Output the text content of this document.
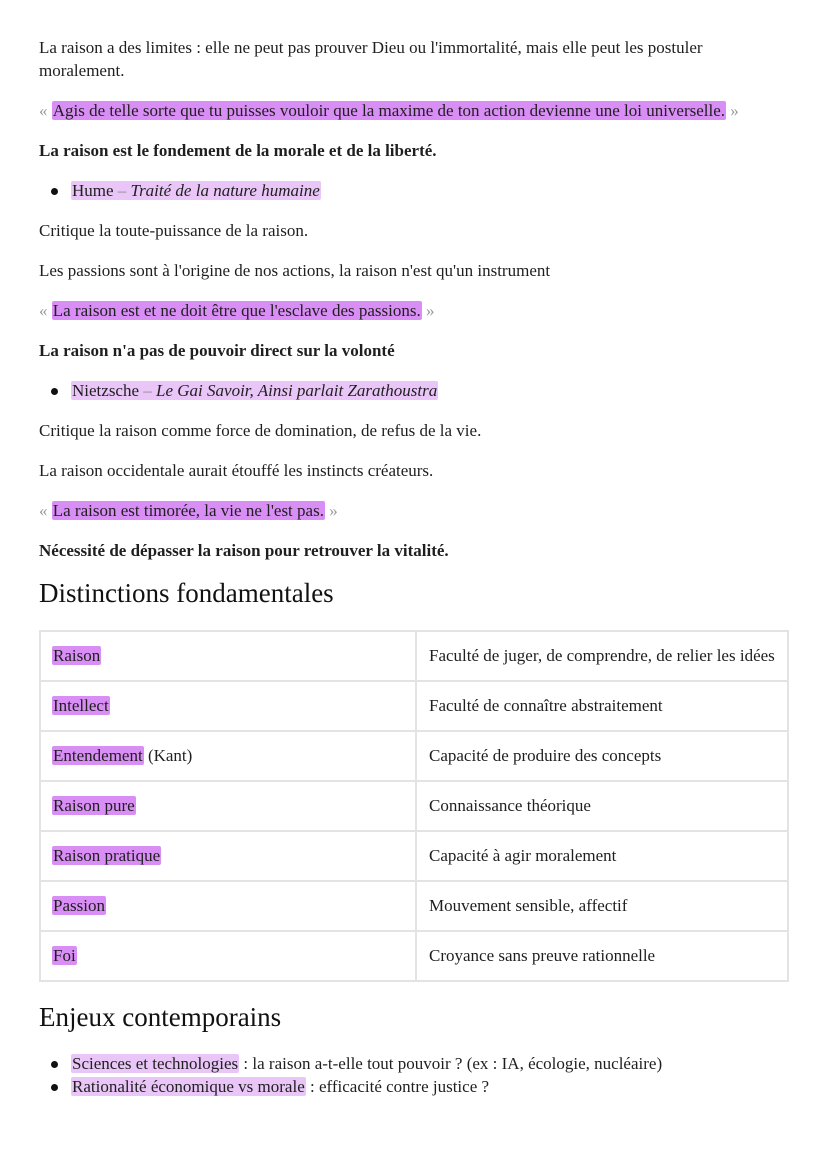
La raison a des limites : elle ne peut pas prouver Dieu ou l'immortalité, mais elle peut les postuler moralement.

« Agis de telle sorte que tu puisses vouloir que la maxime de ton action devienne une loi universelle. »

La raison est le fondement de la morale et de la liberté.

Hume – Traité de la nature humaine

Critique la toute-puissance de la raison.

Les passions sont à l'origine de nos actions, la raison n'est qu'un instrument

« La raison est et ne doit être que l'esclave des passions. »

La raison n'a pas de pouvoir direct sur la volonté

Nietzsche – Le Gai Savoir, Ainsi parlait Zarathoustra

Critique la raison comme force de domination, de refus de la vie.

La raison occidentale aurait étouffé les instincts créateurs.

« La raison est timorée, la vie ne l'est pas. »

Nécessité de dépasser la raison pour retrouver la vitalité.

Distinctions fondamentales
Raison	Faculté de juger, de comprendre, de relier les idées
Intellect	Faculté de connaître abstraitement
Entendement (Kant)	Capacité de produire des concepts
Raison pure	Connaissance théorique
Raison pratique	Capacité à agir moralement
Passion	Mouvement sensible, affectif
Foi	Croyance sans preuve rationnelle
Enjeux contemporains
Sciences et technologies : la raison a-t-elle tout pouvoir ? (ex : IA, écologie, nucléaire)
Rationalité économique vs morale : efficacité contre justice ?
